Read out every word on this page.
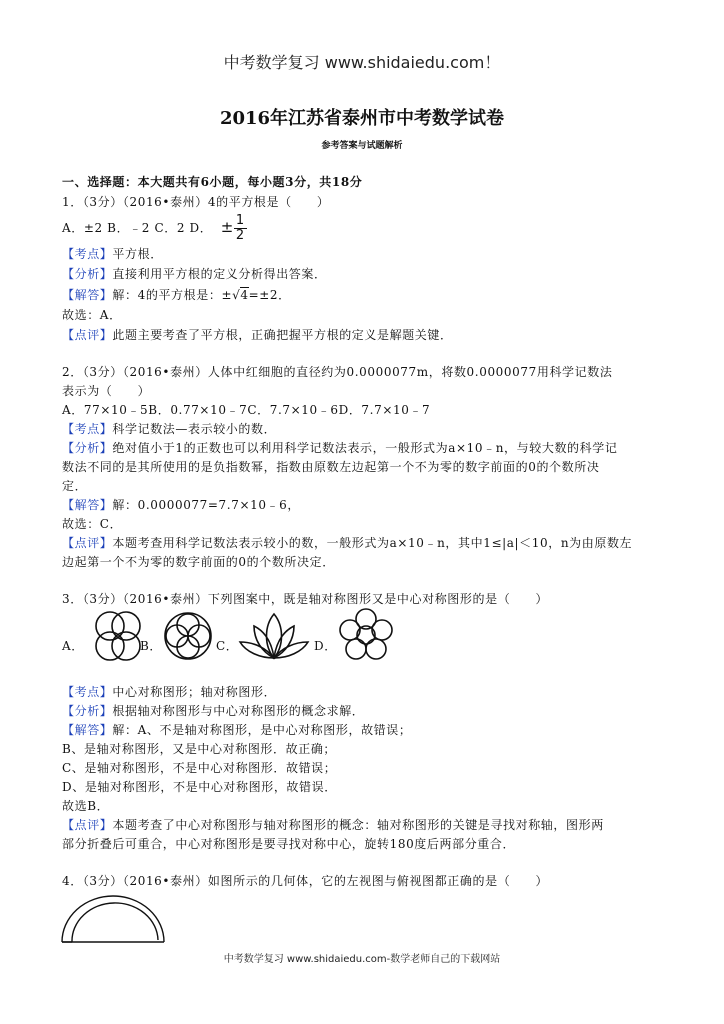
中考数学复习 www.shidaiedu.com！
2016年江苏省泰州市中考数学试卷
参考答案与试题解析
一、选择题：本大题共有6小题，每小题3分，共18分
1．（3分）（2016•泰州）4的平方根是（　　）
A．±2 B．﹣2 C．2 D． ± $\frac{1}{2}$
【考点】平方根．
【分析】直接利用平方根的定义分析得出答案．
【解答】解：4的平方根是：±√4=±2．
故选：A．
【点评】此题主要考查了平方根，正确把握平方根的定义是解题关键．
2．（3分）（2016•泰州）人体中红细胞的直径约为0.0000077m，将数0.0000077用科学记数法
表示为（　　）
A．77×10﹣5B．0.77×10﹣7C．7.7×10﹣6D．7.7×10﹣7
【考点】科学记数法—表示较小的数．
【分析】绝对值小于1的正数也可以利用科学记数法表示，一般形式为a×10﹣n，与较大数的科学记
数法不同的是其所使用的是负指数幂，指数由原数左边起第一个不为零的数字前面的0的个数所决
定．
【解答】解：0.0000077=7.7×10﹣6，
故选：C．
【点评】本题考查用科学记数法表示较小的数，一般形式为a×10﹣n，其中1≤|a|＜10，n为由原数左
边起第一个不为零的数字前面的0的个数所决定．
3．（3分）（2016•泰州）下列图案中，既是轴对称图形又是中心对称图形的是（　　）
A．	B．	C．	D．
【考点】中心对称图形；轴对称图形．
【分析】根据轴对称图形与中心对称图形的概念求解．
【解答】解：A、不是轴对称图形，是中心对称图形，故错误；
B、是轴对称图形，又是中心对称图形．故正确；
C、是轴对称图形，不是中心对称图形．故错误；
D、是轴对称图形，不是中心对称图形，故错误．
故选B．
【点评】本题考查了中心对称图形与轴对称图形的概念：轴对称图形的关键是寻找对称轴，图形两
部分折叠后可重合，中心对称图形是要寻找对称中心，旋转180度后两部分重合．
4．（3分）（2016•泰州）如图所示的几何体，它的左视图与俯视图都正确的是（　　）
中考数学复习 www.shidaiedu.com-数学老师自己的下载网站
